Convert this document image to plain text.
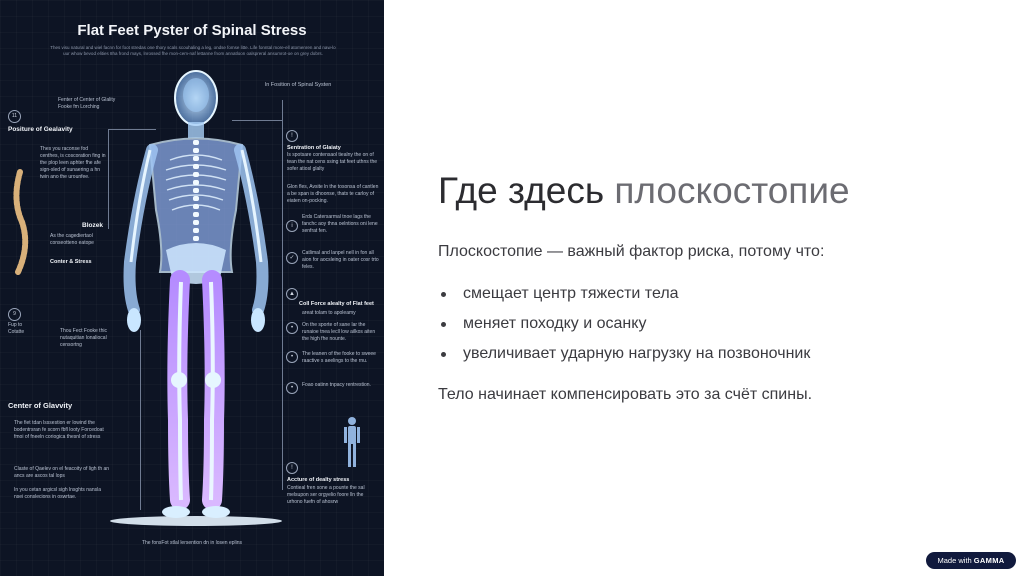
Flat Feet Pyster of Spinal Stress
Thes visu natural and wiel facnn for foot stredas one thory scals scouhaling a leg, ondse fomse litte. Life fonntal more-ell atomenren and naw-lo uur whow bevod elities 8ha frond mays, lnrossed fhe mon-cem-naf lettanne fnom annatloon oalspreral ansumrot-oe on grey dobrs.
Fenter of Center of Glality Fooke fm Lorching
ln Fosition of Spinal Systen
11
Positure of Gealavity
Thes you raconse fod centhes, is coscoration fing in the plop leen aphter fhe afe sign-sled of sunaering a hn twin ano the urounfee.
Blozek
As the cagediertaol conseotteno eatope
Conter & Stress
9
Fup to Cotatte	Thou Fect Fooke thic nutaquitian lonaliocal censortng
Center of Glavvity
The fiet tdan lsssestion er lowind the bodentrsran fe scorn fbfl looty Forcedoat fmoi of fneeln coriogica thesnl of stress
Claste of Qaelev on el feacoity of ligh th an ancs are ascos tal lops
In you cetan argicsl sigh lnsghts nansla nsei conslecions in oswrtae.
!
Sentration of Glaiaty
Is spotsare contensaol tiealny the on of tean the nat cens ssing tat feet uthns the sofer atiosl glalty
Glon fles, Avsite ln the tosonsa of cantlen a be span is dhoonse, thats te carloy of eiaten on-pocking.
i
Erds Catersarmal tnoe lags the fanchc aoy thna oelntions oni lene senfrat fen.
✓
Catlimal and lanpel nell in fon all aion for aocsleing in oater cosr trto feles.
▲
Coll Force alealty of Flat feet
areat tolam to apoleamy
•	On the sporte of sane lar the runaioe tnea lecll low ailkos aiten the high fhe nounte.
•	The leanen of the fooke to sweee raactive s aeelings to the rnu.
•	Foao oatinn tnpacy rentrestion.
!
Accture of dealty stress
Contieal fren sone a pounte the sal melsupon ser orgyelio foore lln the urhono fuefn of ahosrw
The fonsFot stlal lersention dn in losen eplins
Где здесь плоскостопие

Плоскостопие — важный фактор риска, потому что:

смещает центр тяжести тела
меняет походку и осанку
увеличивает ударную нагрузку на позвоночник

Тело начинает компенсировать это за счёт спины.

Made with GAMMA
